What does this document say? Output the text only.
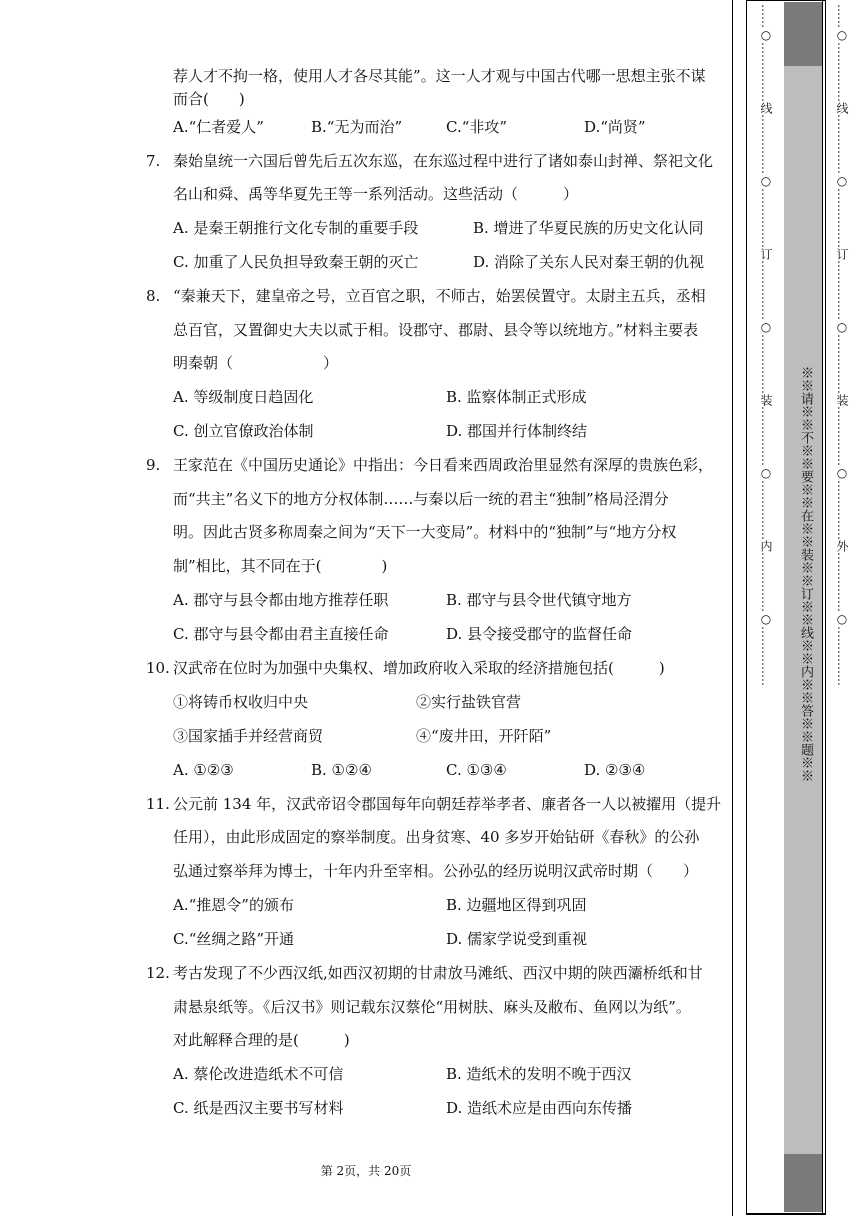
荐人才不拘一格，使用人才各尽其能”。这一人才观与中国古代哪一思想主张不谋
而合(　　)
A.“仁者爱人”	B.“无为而治”	C.“非攻”	D.“尚贤”
7. 秦始皇统一六国后曾先后五次东巡，在东巡过程中进行了诸如泰山封禅、祭祀文化
名山和舜、禹等华夏先王等一系列活动。这些活动（　　　）
A. 是秦王朝推行文化专制的重要手段	B. 增进了华夏民族的历史文化认同
C. 加重了人民负担导致秦王朝的灭亡	D. 消除了关东人民对秦王朝的仇视
8. “秦兼天下，建皇帝之号，立百官之职，不师古，始罢侯置守。太尉主五兵，丞相
总百官，又置御史大夫以贰于相。设郡守、郡尉、县令等以统地方。”材料主要表
明秦朝（　　　　　　）
A. 等级制度日趋固化	B. 监察体制正式形成
C. 创立官僚政治体制	D. 郡国并行体制终结
9. 王家范在《中国历史通论》中指出：今日看来西周政治里显然有深厚的贵族色彩，
而“共主”名义下的地方分权体制……与秦以后一统的君主“独制”格局泾渭分
明。因此古贤多称周秦之间为“天下一大变局”。材料中的“独制”与“地方分权
制”相比，其不同在于(　　　　)
A. 郡守与县令都由地方推荐任职	B. 郡守与县令世代镇守地方
C. 郡守与县令都由君主直接任命	D. 县令接受郡守的监督任命
10. 汉武帝在位时为加强中央集权、增加政府收入采取的经济措施包括(　　　)
①将铸币权收归中央	②实行盐铁官营
③国家插手并经营商贸	④“废井田，开阡陌”
A. ①②③	B. ①②④	C. ①③④	D. ②③④
11. 公元前 134 年，汉武帝诏令郡国每年向朝廷荐举孝者、廉者各一人以被擢用（提升
任用），由此形成固定的察举制度。出身贫寒、40 多岁开始钻研《春秋》的公孙
弘通过察举拜为博士，十年内升至宰相。公孙弘的经历说明汉武帝时期（　　）
A.“推恩令”的颁布	B. 边疆地区得到巩固
C.“丝绸之路”开通	D. 儒家学说受到重视
12. 考古发现了不少西汉纸,如西汉初期的甘肃放马滩纸、西汉中期的陕西灞桥纸和甘
肃悬泉纸等。《后汉书》则记载东汉蔡伦“用树肤、麻头及敝布、鱼网以为纸”。
对此解释合理的是(　　　)
A. 蔡伦改进造纸术不可信	B. 造纸术的发明不晚于西汉
C. 纸是西汉主要书写材料	D. 造纸术应是由西向东传播
第 2页，共 20页
……○……………线……………○……………订……………○……………装……………○……………内……………○……………	……○……………线……………○……………订……………○……………装……………○……………外……………○……………
※※请※※不※※要※※在※※装※※订※※线※※内※※答※※题※※
